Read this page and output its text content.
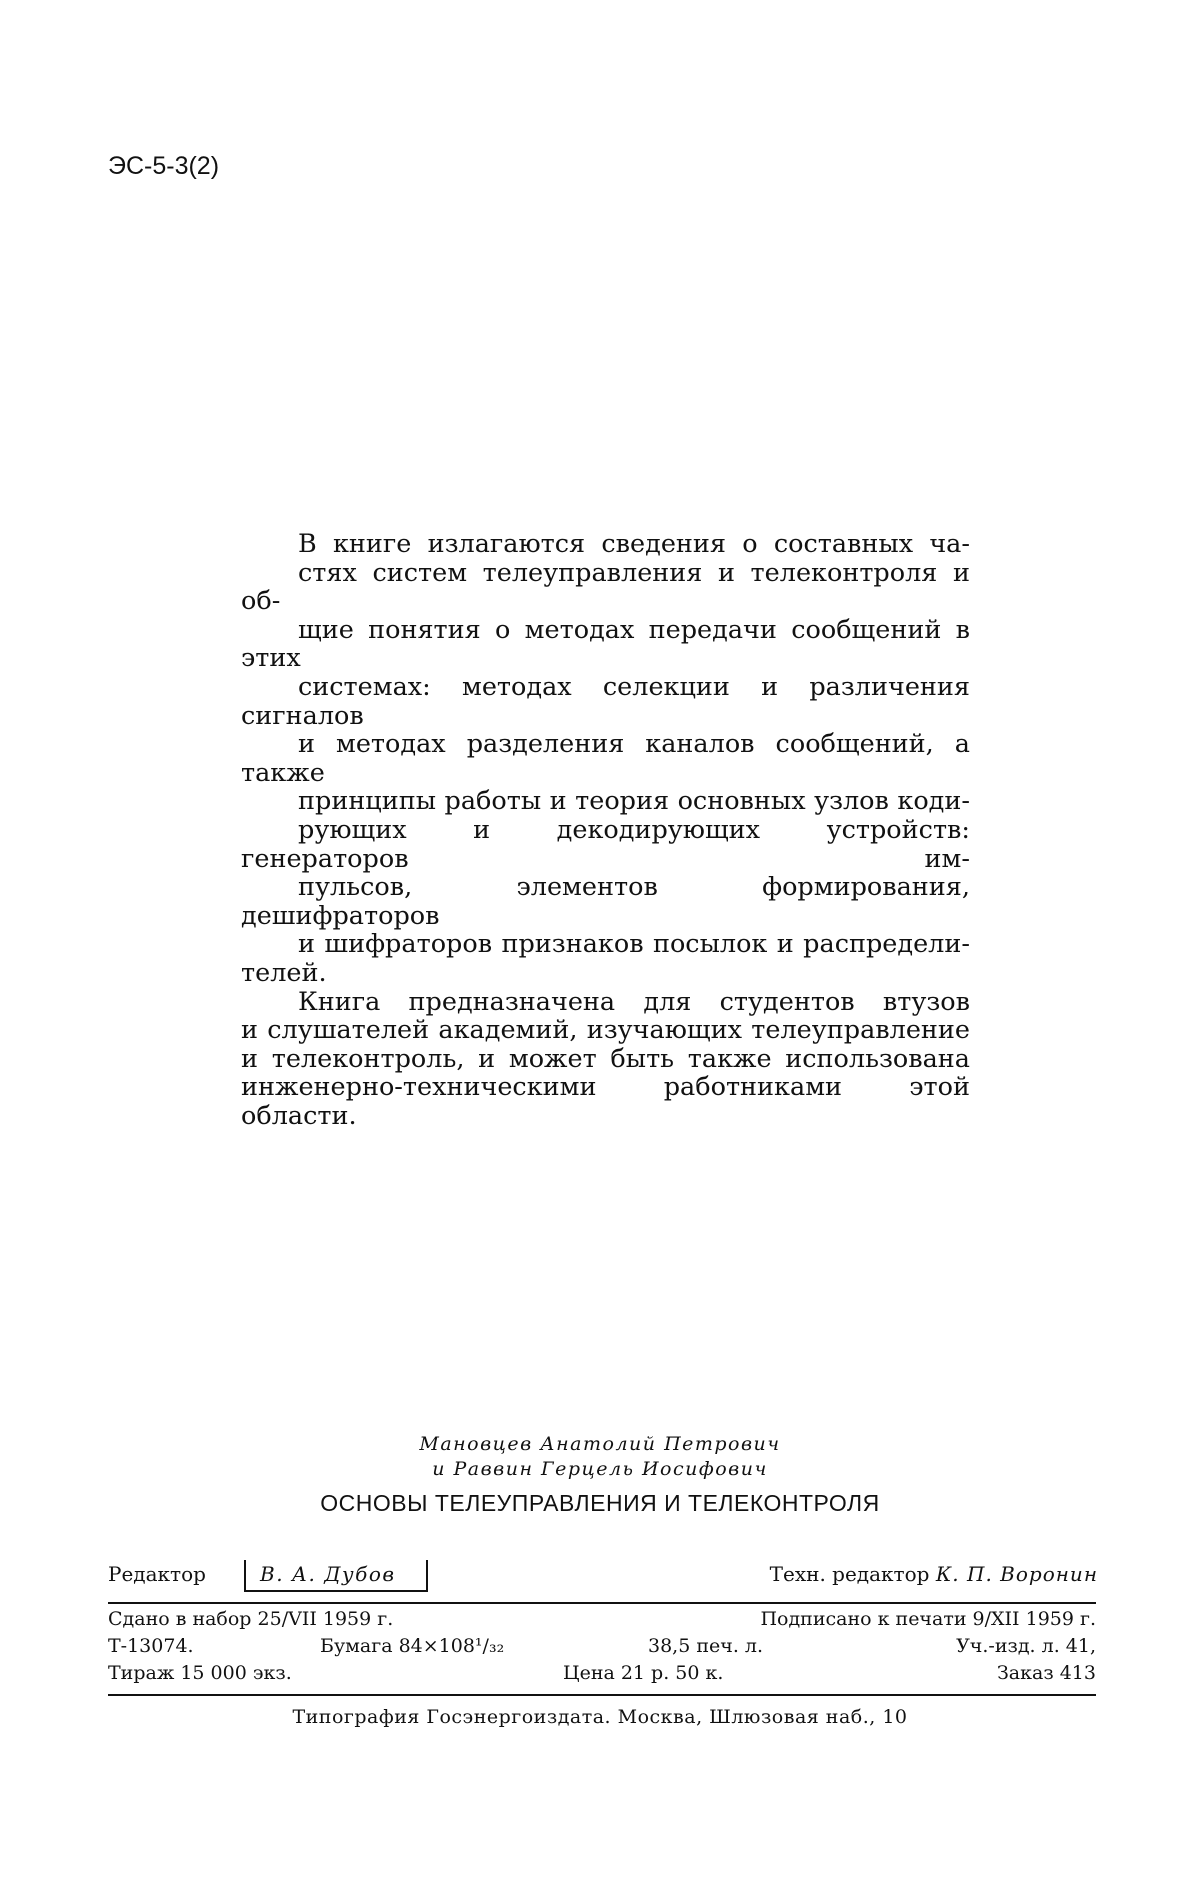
ЭС-5-3(2)

В книге излагаются сведения о составных ча-
стях систем телеуправления и телеконтроля и об-
щие понятия о методах передачи сообщений в этих
системах: методах селекции и различения сигналов
и методах разделения каналов сообщений, а также
принципы работы и теория основных узлов коди-
рующих и декодирующих устройств: генераторов им-
пульсов, элементов формирования, дешифраторов
и шифраторов признаков посылок и распредели-

телей.

Книга предназначена для студентов втузов
и слушателей академий, изучающих телеуправление
и телеконтроль, и может быть также использована
инженерно-техническими работниками этой области.

Мановцев Анатолий Петрович
и Раввин Герцель Иосифович
ОСНОВЫ ТЕЛЕУПРАВЛЕНИЯ И ТЕЛЕКОНТРОЛЯ
Редактор	В. А. Дубов	Техн. редактор К. П. Воронин
Сдано в набор 25/VII 1959 г.	Подписано к печати 9/XII 1959 г.
Т-13074.	Бумага 84×108¹/₃₂	38,5 печ. л.	Уч.-изд. л. 41,
Тираж 15 000 экз.	Цена 21 р. 50 к.	Заказ 413
Типография Госэнергоиздата. Москва, Шлюзовая наб., 10
